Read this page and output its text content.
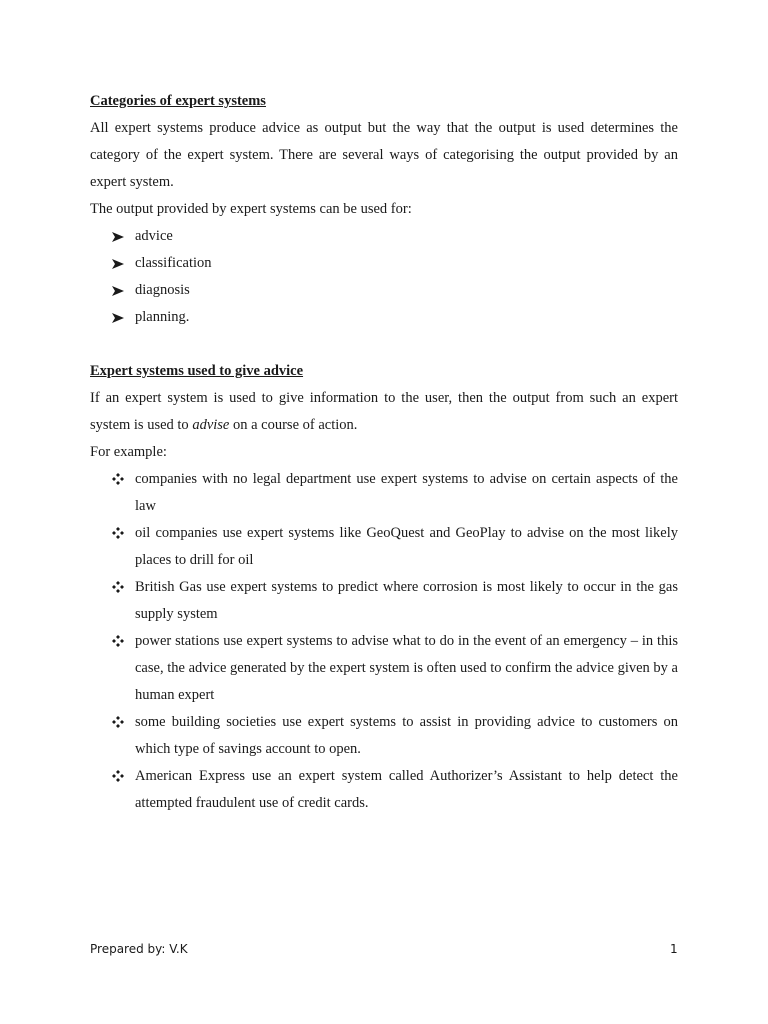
Categories of expert systems

All expert systems produce advice as output but the way that the output is used determines the category of the expert system. There are several ways of categorising the output provided by an expert system.

The output provided by expert systems can be used for:

advice
classification
diagnosis
planning.

Expert systems used to give advice

If an expert system is used to give information to the user, then the output from such an expert system is used to advise on a course of action.

For example:

companies with no legal department use expert systems to advise on certain aspects of the law
oil companies use expert systems like GeoQuest and GeoPlay to advise on the most likely places to drill for oil
British Gas use expert systems to predict where corrosion is most likely to occur in the gas supply system
power stations use expert systems to advise what to do in the event of an emergency – in this case, the advice generated by the expert system is often used to confirm the advice given by a human expert
some building societies use expert systems to assist in providing advice to customers on which type of savings account to open.
American Express use an expert system called Authorizer’s Assistant to help detect the attempted fraudulent use of credit cards.
Prepared by: V.K	1
